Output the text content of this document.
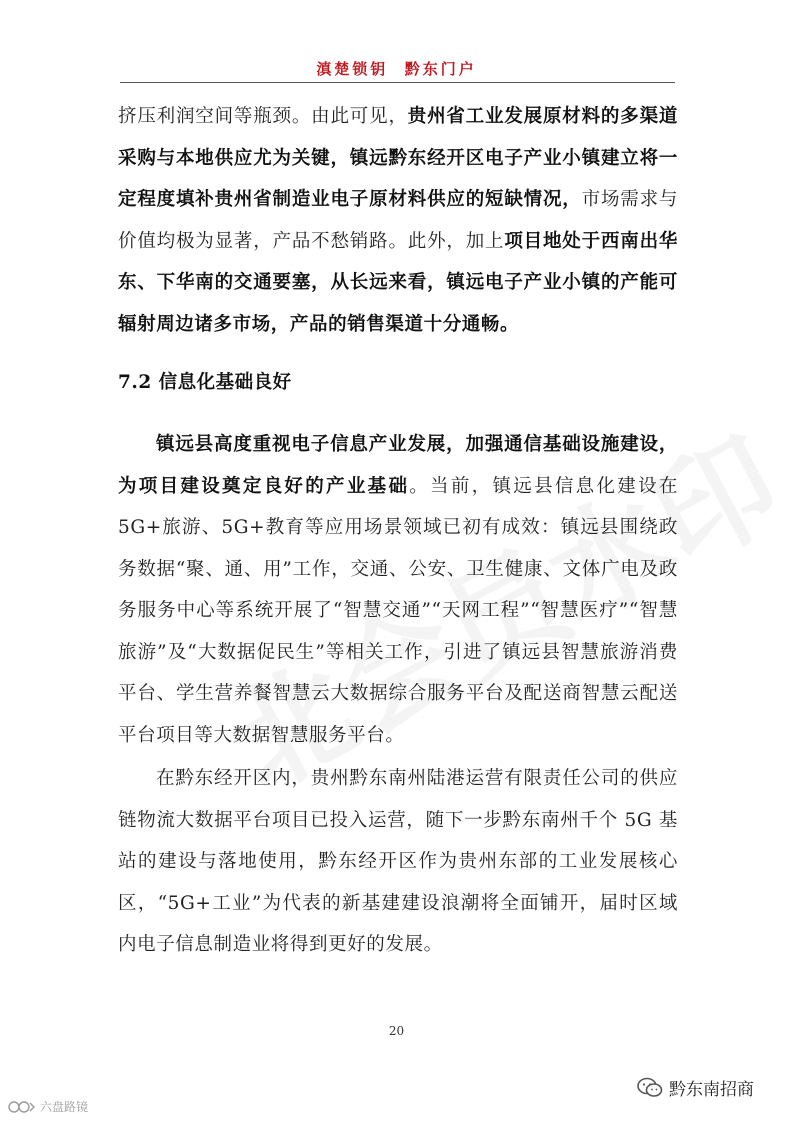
滇楚锁钥  黔东门户
挤压利润空间等瓶颈。由此可见，贵州省工业发展原材料的多渠道采购与本地供应尤为关键，镇远黔东经开区电子产业小镇建立将一定程度填补贵州省制造业电子原材料供应的短缺情况，市场需求与价值均极为显著，产品不愁销路。此外，加上项目地处于西南出华东、下华南的交通要塞，从长远来看，镇远电子产业小镇的产能可辐射周边诸多市场，产品的销售渠道十分通畅。
7.2 信息化基础良好
镇远县高度重视电子信息产业发展，加强通信基础设施建设，为项目建设奠定良好的产业基础。当前，镇远县信息化建设在 5G+旅游、5G+教育等应用场景领域已初有成效：镇远县围绕政务数据“聚、通、用”工作，交通、公安、卫生健康、文体广电及政务服务中心等系统开展了“智慧交通”“天网工程”“智慧医疗”“智慧旅游”及“大数据促民生”等相关工作，引进了镇远县智慧旅游消费平台、学生营养餐智慧云大数据综合服务平台及配送商智慧云配送平台项目等大数据智慧服务平台。
在黔东经开区内，贵州黔东南州陆港运营有限责任公司的供应链物流大数据平台项目已投入运营，随下一步黔东南州千个 5G 基站的建设与落地使用，黔东经开区作为贵州东部的工业发展核心区，“5G+工业”为代表的新基建建设浪潮将全面铺开，届时区域内电子信息制造业将得到更好的发展。
20
黔东南招商
六盘路镜
